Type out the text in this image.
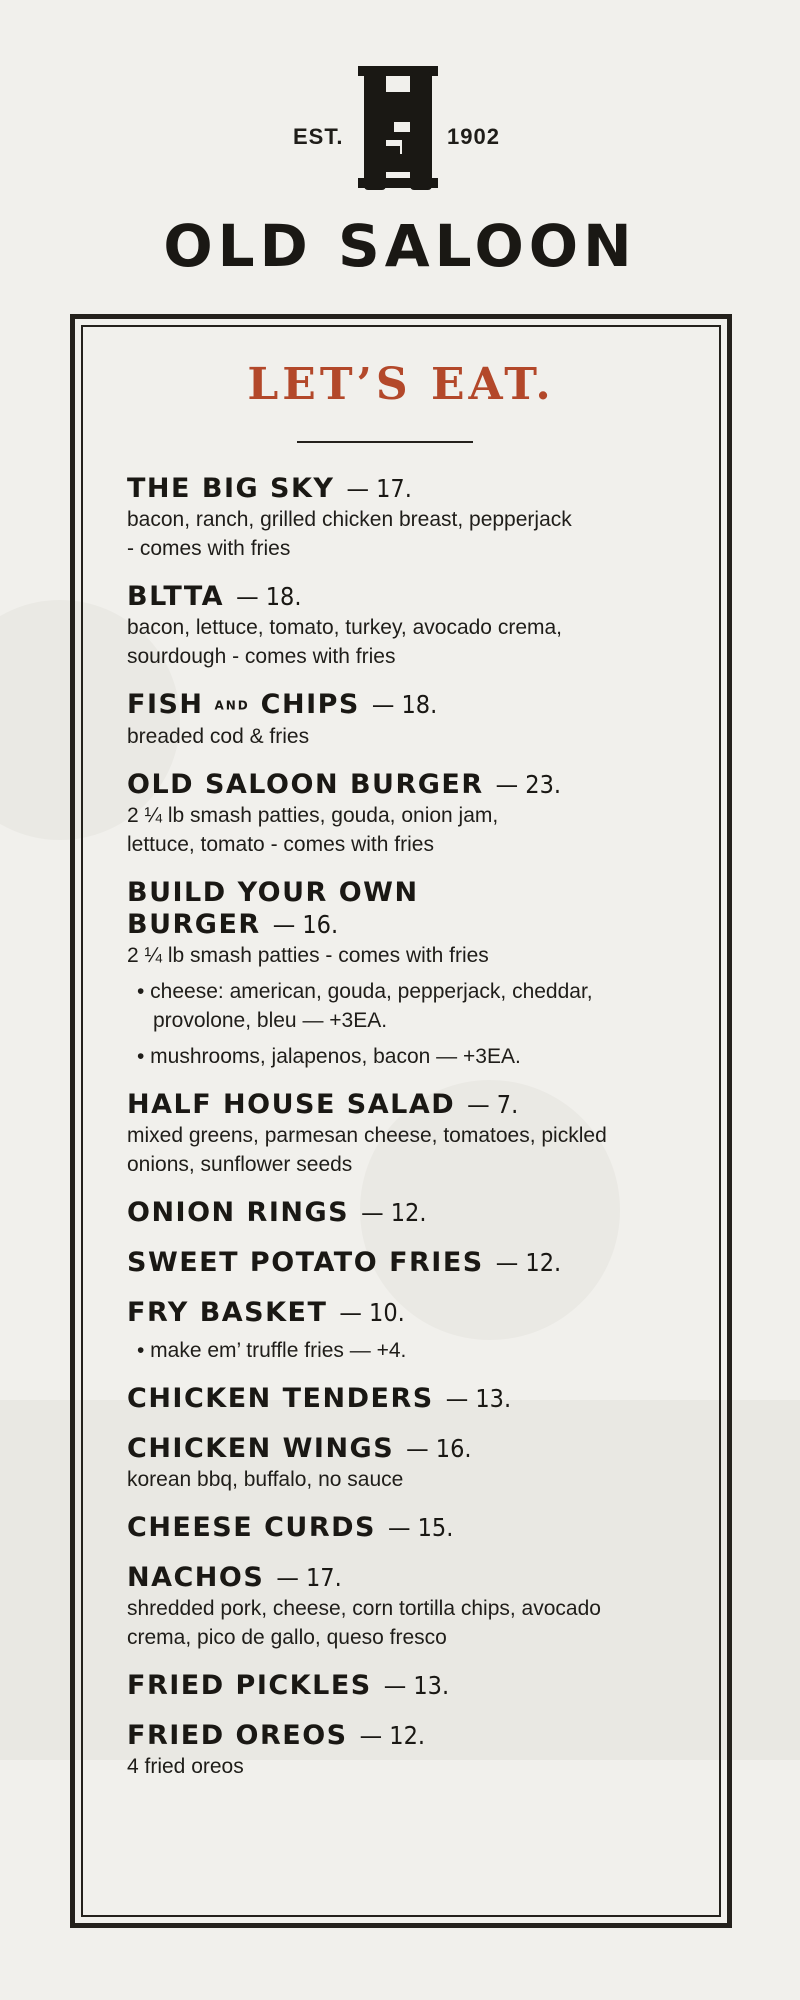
EST.	1902
OLD SALOON
LET’S EAT.
THE BIG SKY — 17.
bacon, ranch, grilled chicken breast, pepperjack
- comes with fries
BLTTA — 18.
bacon, lettuce, tomato, turkey, avocado crema,
sourdough - comes with fries
FISH AND CHIPS — 18.
breaded cod & fries
OLD SALOON BURGER — 23.
2 ¼ lb smash patties, gouda, onion jam,
lettuce, tomato - comes with fries
BUILD YOUR OWN
BURGER — 16.
2 ¼ lb smash patties - comes with fries
• cheese: american, gouda, pepperjack, cheddar,
provolone, bleu — +3EA.
• mushrooms, jalapenos, bacon — +3EA.
HALF HOUSE SALAD — 7.
mixed greens, parmesan cheese, tomatoes, pickled
onions, sunflower seeds
ONION RINGS — 12.
SWEET POTATO FRIES — 12.
FRY BASKET — 10.
• make em’ truffle fries — +4.
CHICKEN TENDERS — 13.
CHICKEN WINGS — 16.
korean bbq, buffalo, no sauce
CHEESE CURDS — 15.
NACHOS — 17.
shredded pork, cheese, corn tortilla chips, avocado
crema, pico de gallo, queso fresco
FRIED PICKLES — 13.
FRIED OREOS — 12.
4 fried oreos
